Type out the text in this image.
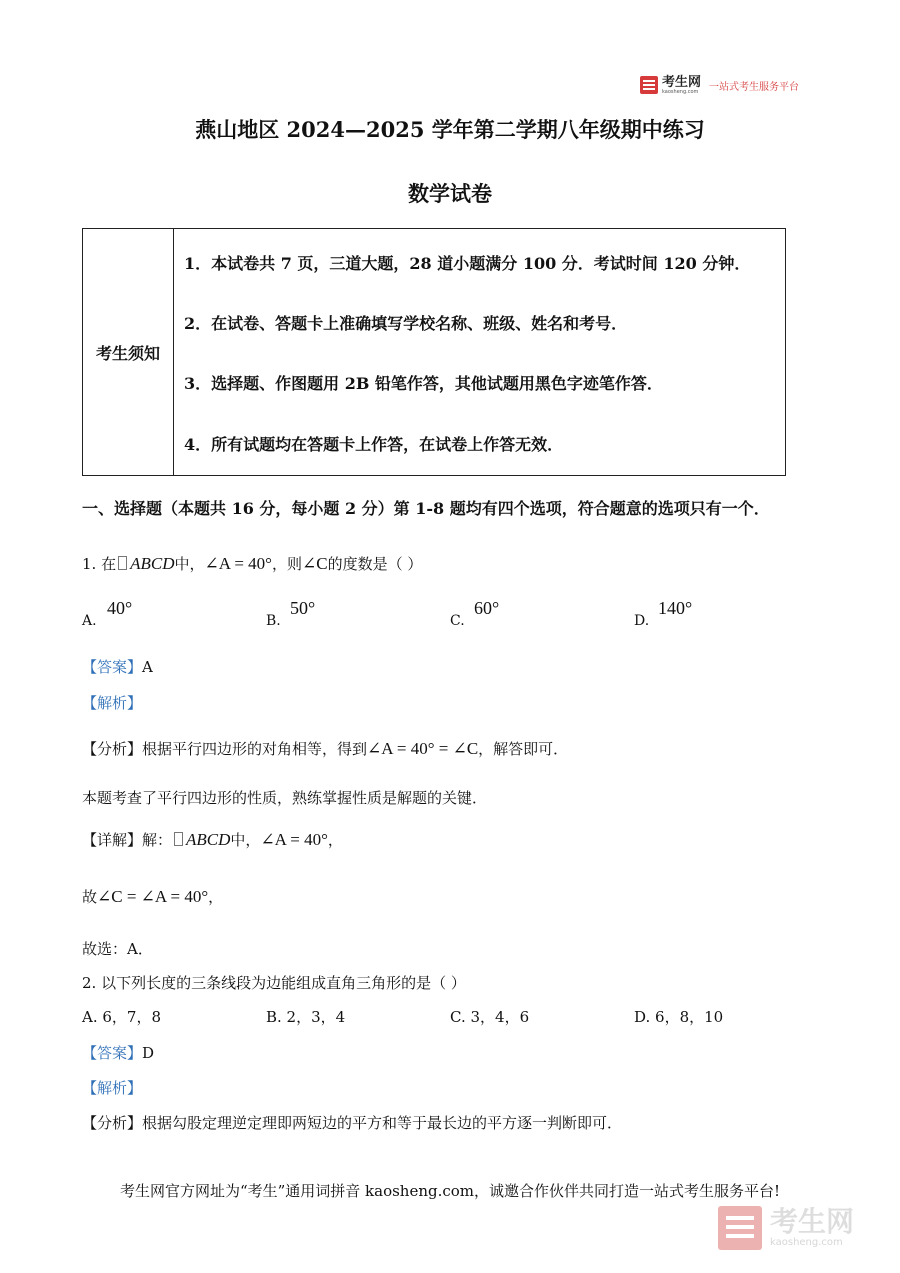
考生网
kaosheng.com 一站式考生服务平台
燕山地区 2024—2025 学年第二学期八年级期中练习
数学试卷
考生须知
1．本试卷共 7 页，三道大题，28 道小题满分 100 分．考试时间 120 分钟．
2．在试卷、答题卡上准确填写学校名称、班级、姓名和考号．
3．选择题、作图题用 2B 铅笔作答，其他试题用黑色字迹笔作答．
4．所有试题均在答题卡上作答，在试卷上作答无效．
一、选择题（本题共 16 分，每小题 2 分）第 1-8 题均有四个选项，符合题意的选项只有一个．
1. 在 ABCD中，∠A = 40°，则∠C的度数是（ ）
A.
40°
B.
50°
C.
60°
D.
140°
【答案】A
【解析】
【分析】根据平行四边形的对角相等，得到∠A = 40° = ∠C，解答即可．
本题考查了平行四边形的性质，熟练掌握性质是解题的关键．
【详解】解： ABCD中，∠A = 40°，
故∠C = ∠A = 40°，
故选：A．
2. 以下列长度的三条线段为边能组成直角三角形的是（ ）
A. 6，7，8	B. 2，3，4	C. 3，4，6	D. 6，8，10
【答案】D
【解析】
【分析】根据勾股定理逆定理即两短边的平方和等于最长边的平方逐一判断即可．
考生网官方网址为“考生”通用词拼音 kaosheng.com，诚邀合作伙伴共同打造一站式考生服务平台!
考生网
kaosheng.com
